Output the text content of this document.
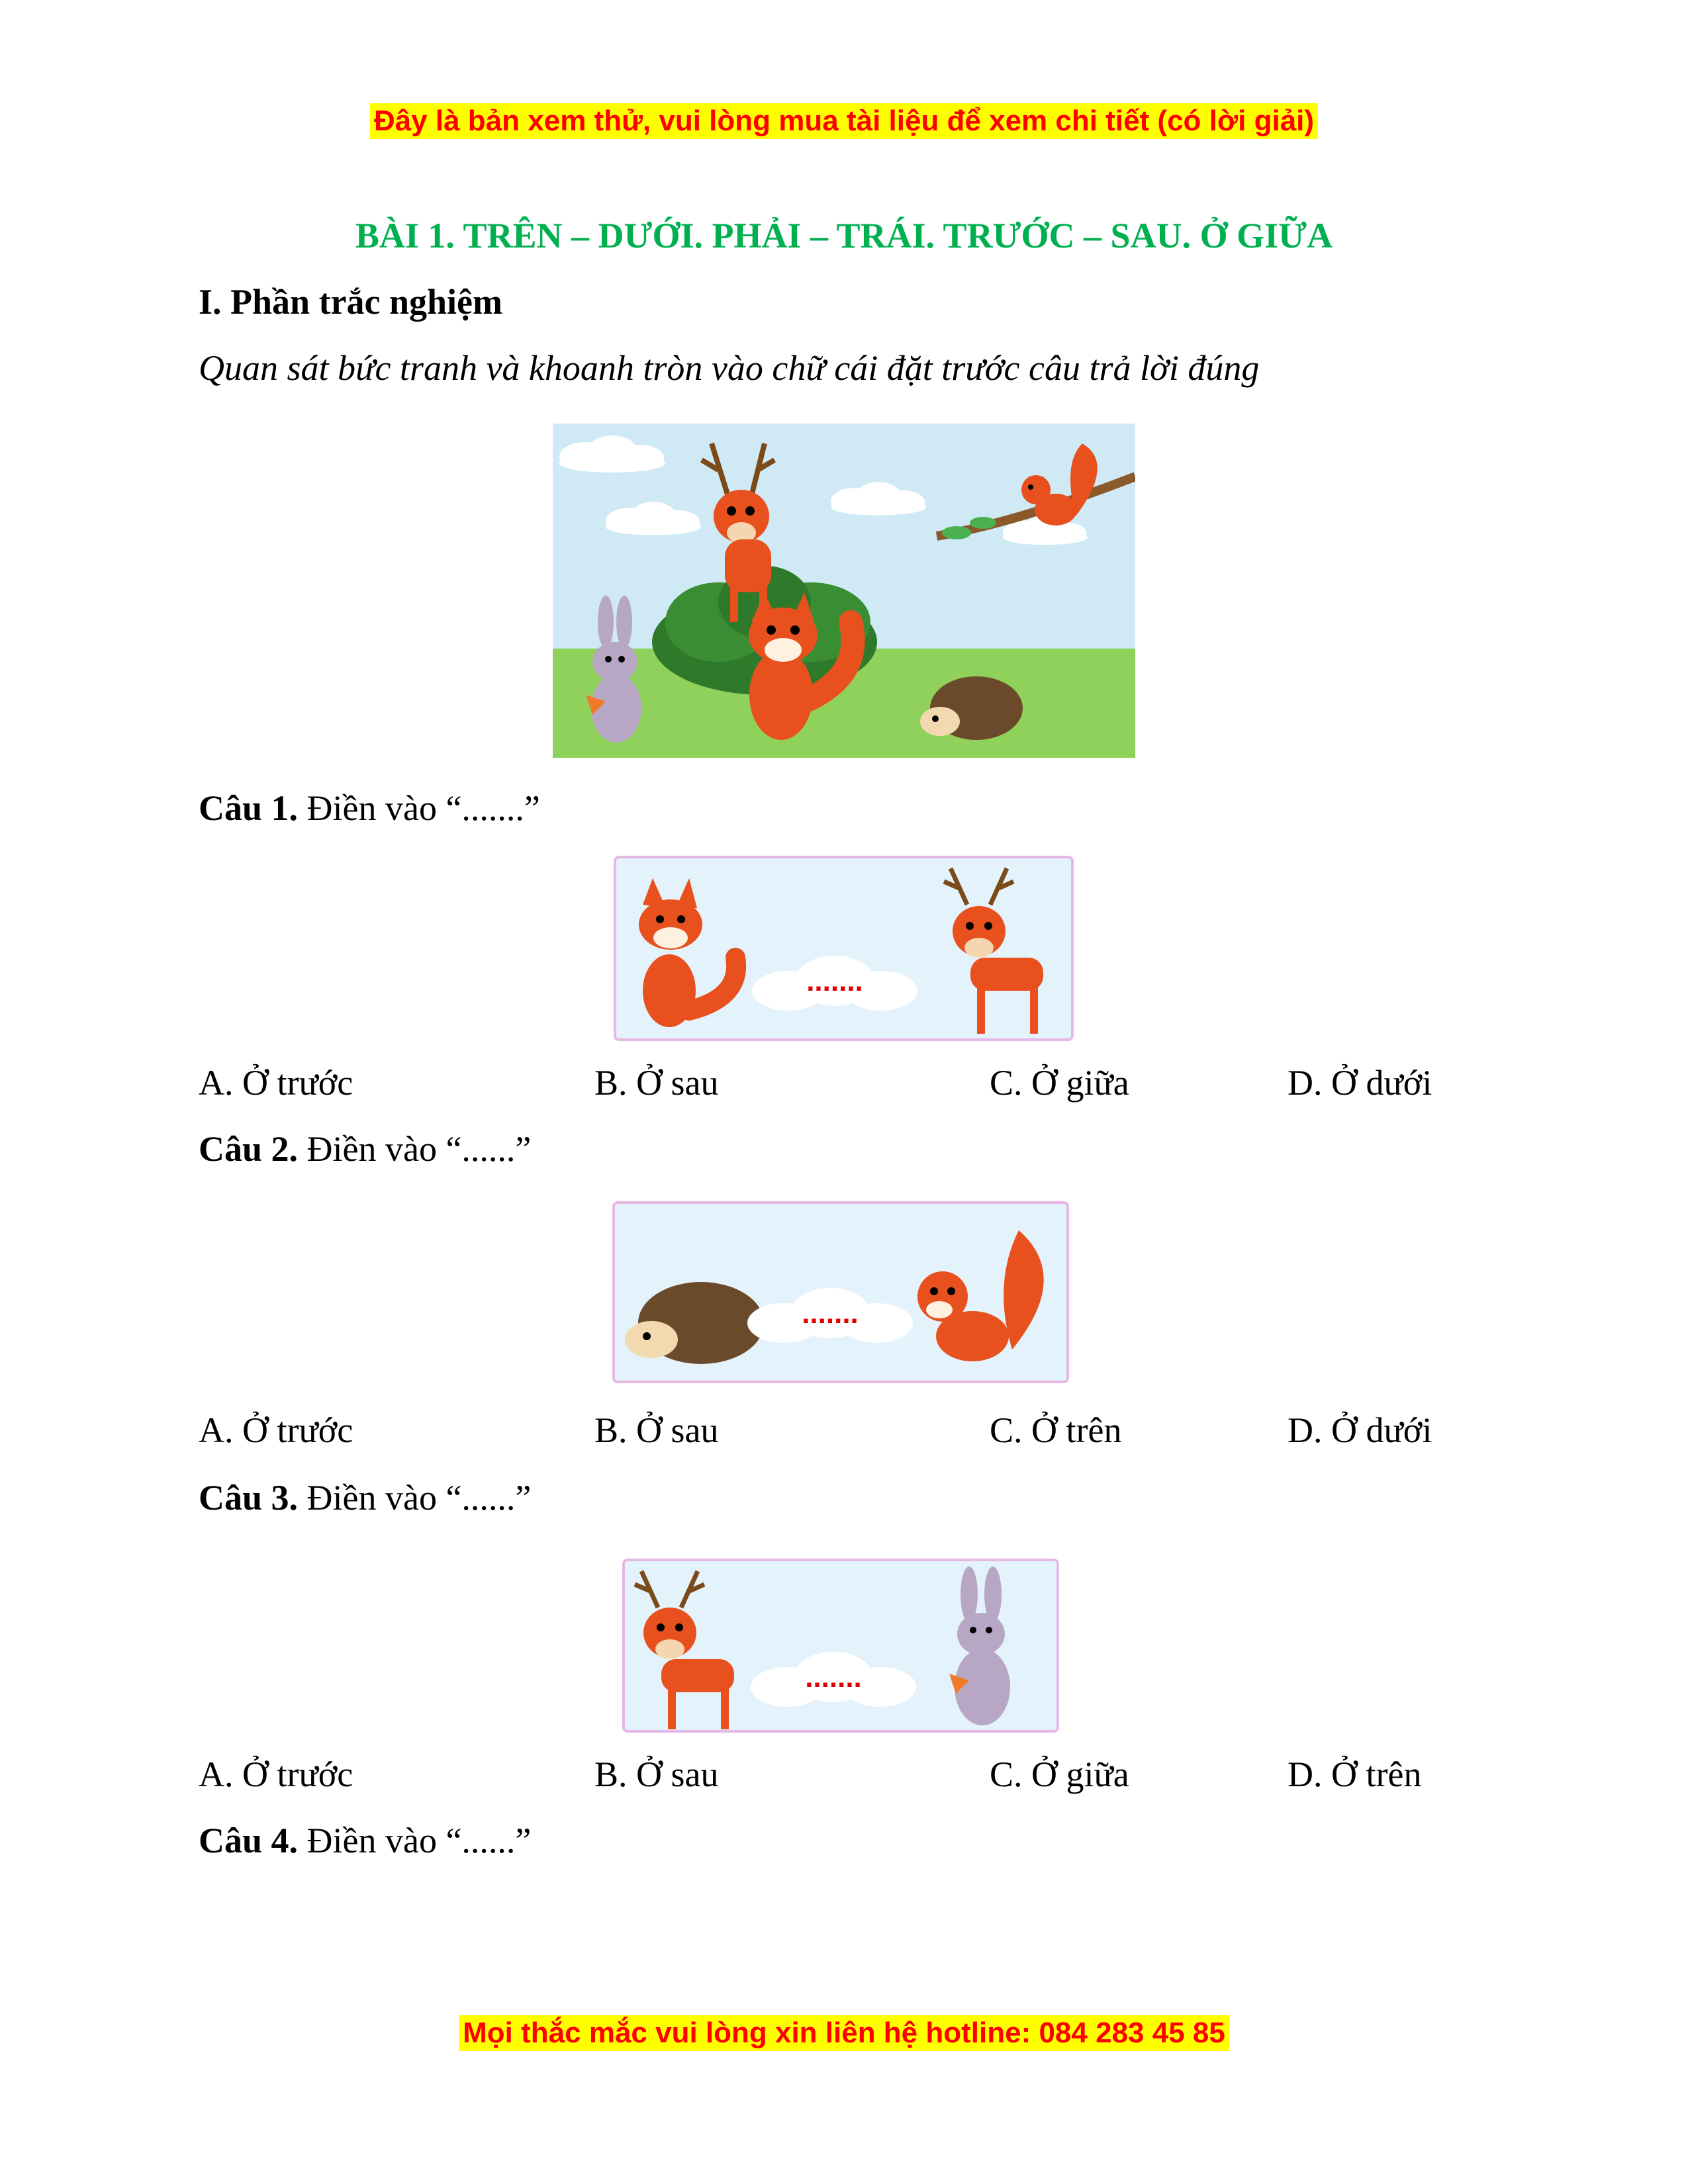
Đây là bản xem thử, vui lòng mua tài liệu để xem chi tiết (có lời giải)
BÀI 1. TRÊN – DƯỚI. PHẢI – TRÁI. TRƯỚC – SAU. Ở GIỮA
I. Phần trắc nghiệm
Quan sát bức tranh và khoanh tròn vào chữ cái đặt trước câu trả lời đúng
Câu 1. Điền vào “.......”
.......
A. Ở trước	B. Ở sau	C. Ở giữa	D. Ở dưới
Câu 2. Điền vào “......”
.......
A. Ở trước	B. Ở sau	C. Ở trên	D. Ở dưới
Câu 3. Điền vào “......”
.......
A. Ở trước	B. Ở sau	C. Ở giữa	D. Ở trên
Câu 4. Điền vào “......”
Mọi thắc mắc vui lòng xin liên hệ hotline: 084 283 45 85
